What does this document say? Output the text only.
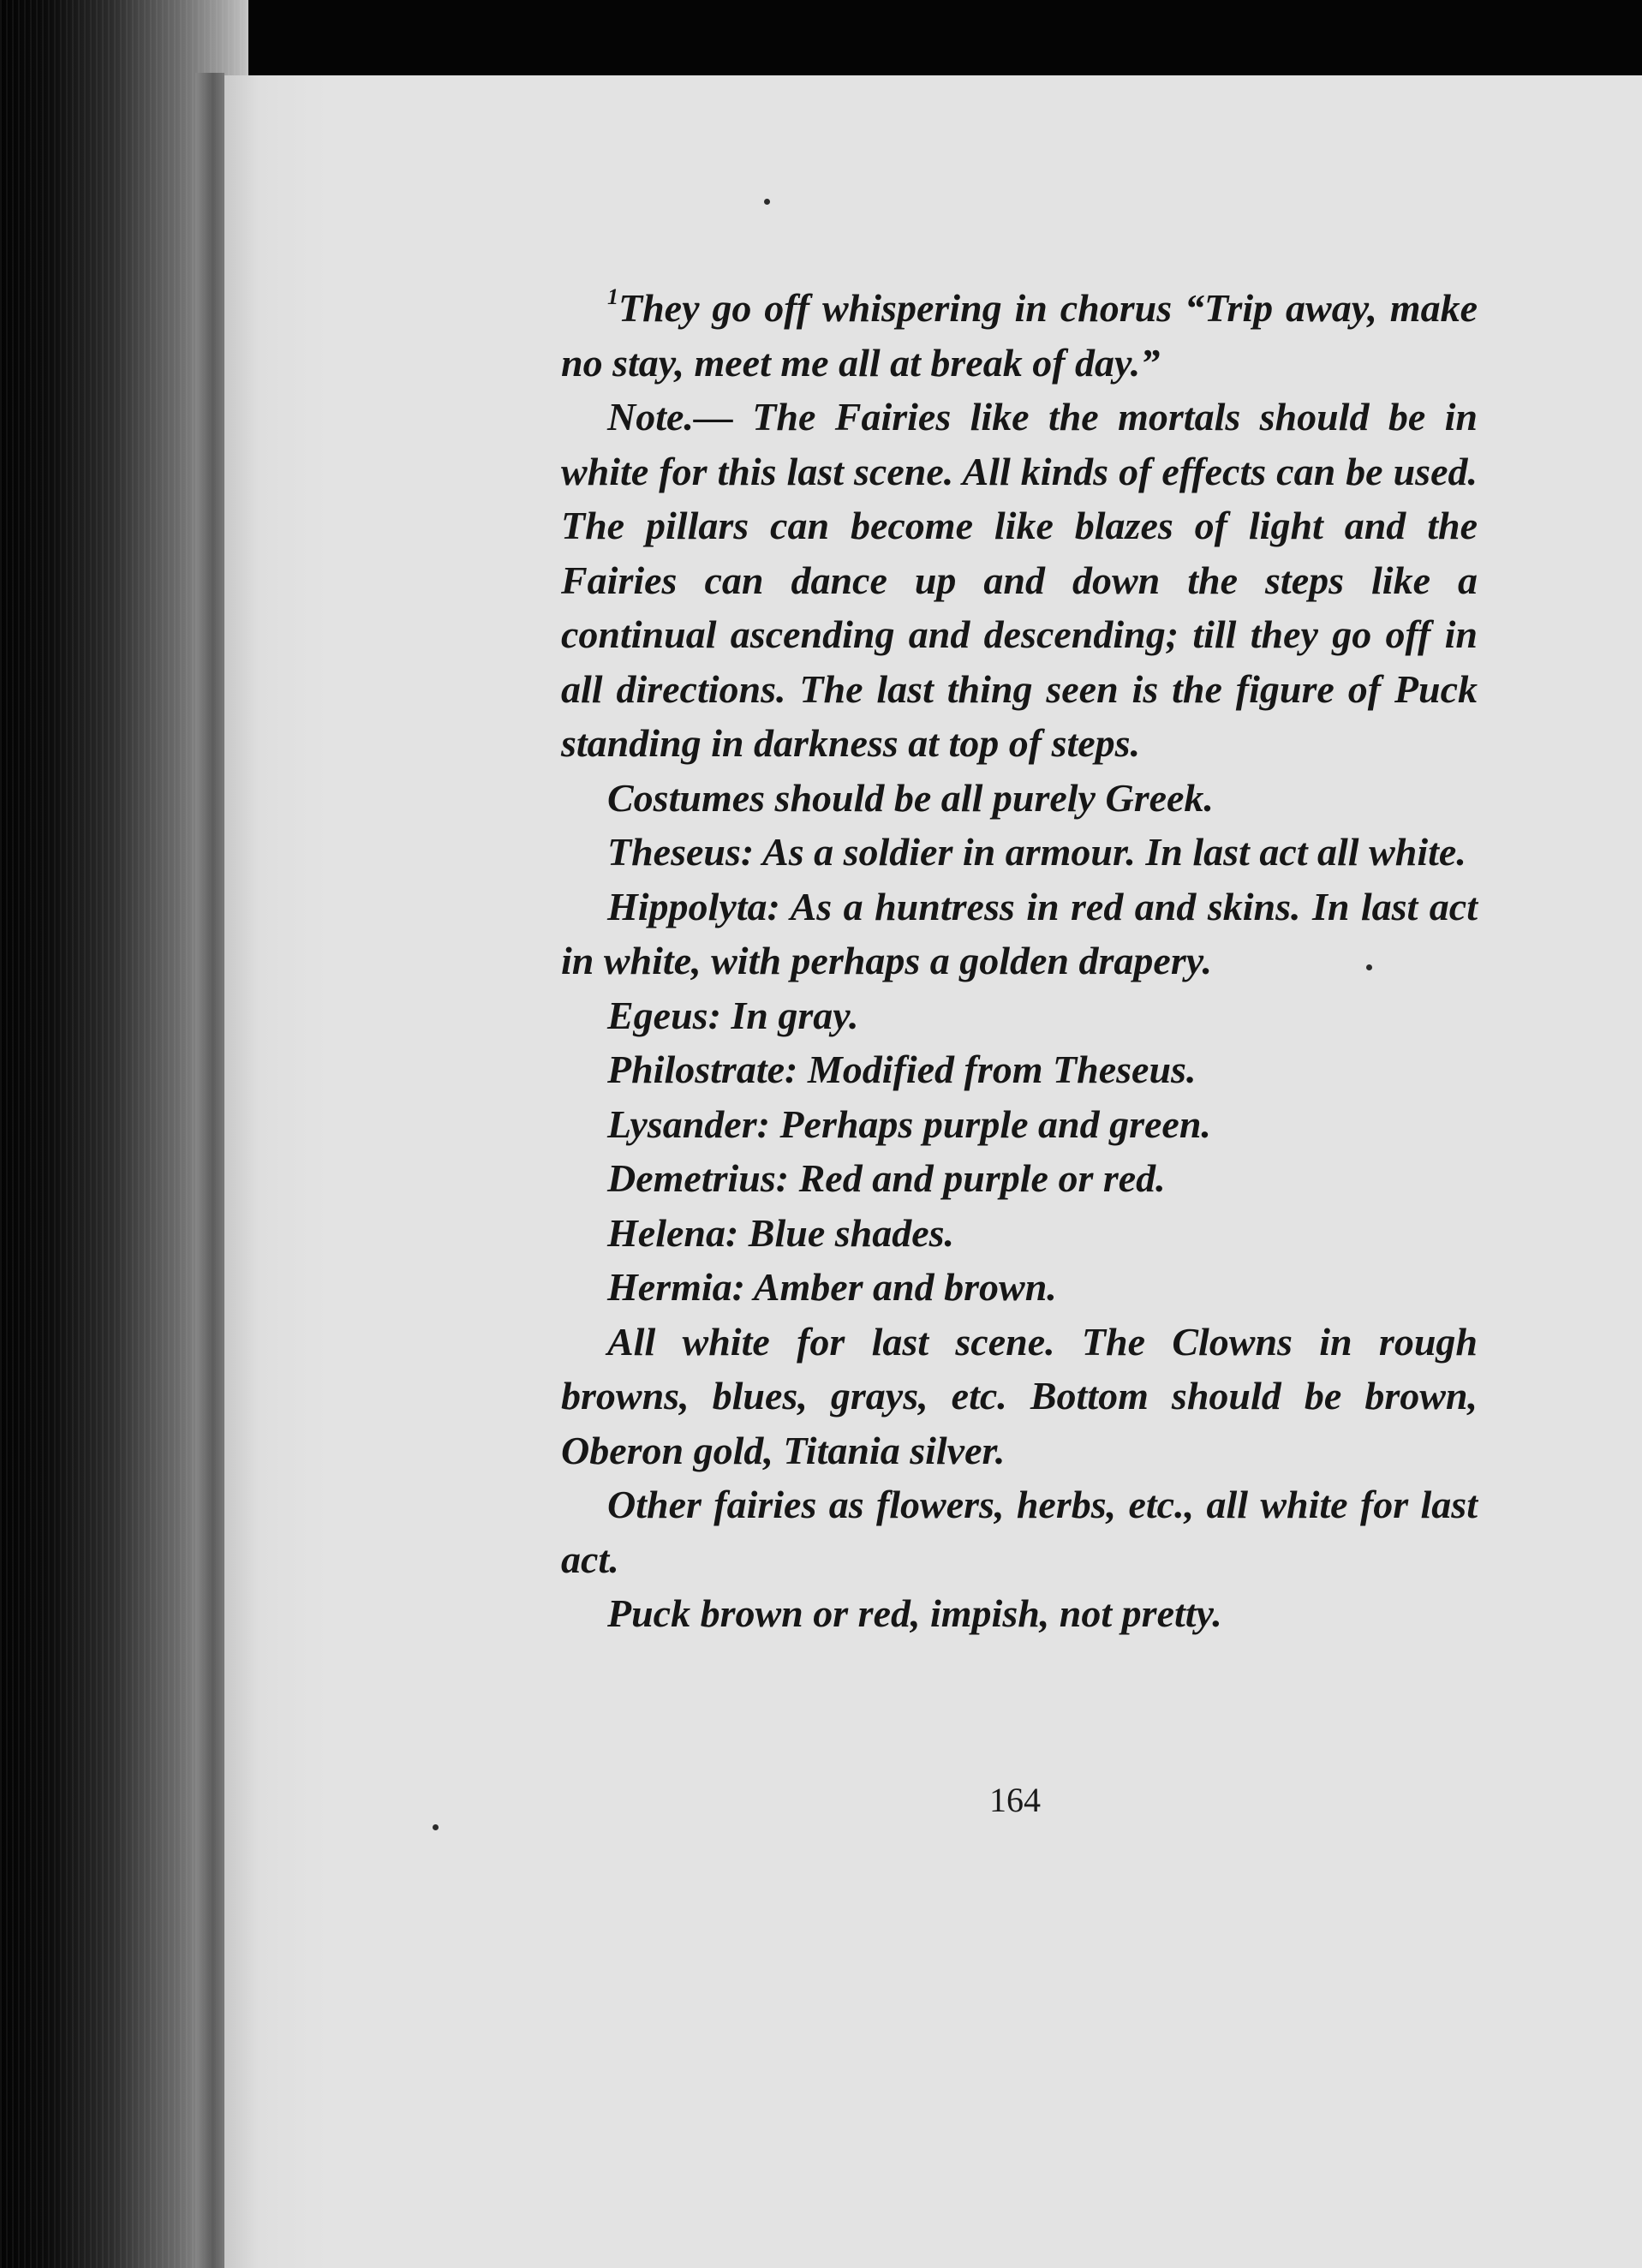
$^1$They go off whispering in chorus “Trip away, make no stay, meet me all at break of day.”

Note.— The Fairies like the mortals should be in white for this last scene. All kinds of effects can be used. The pillars can become like blazes of light and the Fairies can dance up and down the steps like a continual ascending and descending; till they go off in all directions. The last thing seen is the figure of Puck standing in darkness at top of steps.

Costumes should be all purely Greek.

Theseus: As a soldier in armour. In last act all white.

Hippolyta: As a huntress in red and skins. In last act in white, with perhaps a golden drapery.

Egeus: In gray.

Philostrate: Modified from Theseus.

Lysander: Perhaps purple and green.

Demetrius: Red and purple or red.

Helena: Blue shades.

Hermia: Amber and brown.

All white for last scene. The Clowns in rough browns, blues, grays, etc. Bottom should be brown, Oberon gold, Titania silver.

Other fairies as flowers, herbs, etc., all white for last act.

Puck brown or red, impish, not pretty.

164
